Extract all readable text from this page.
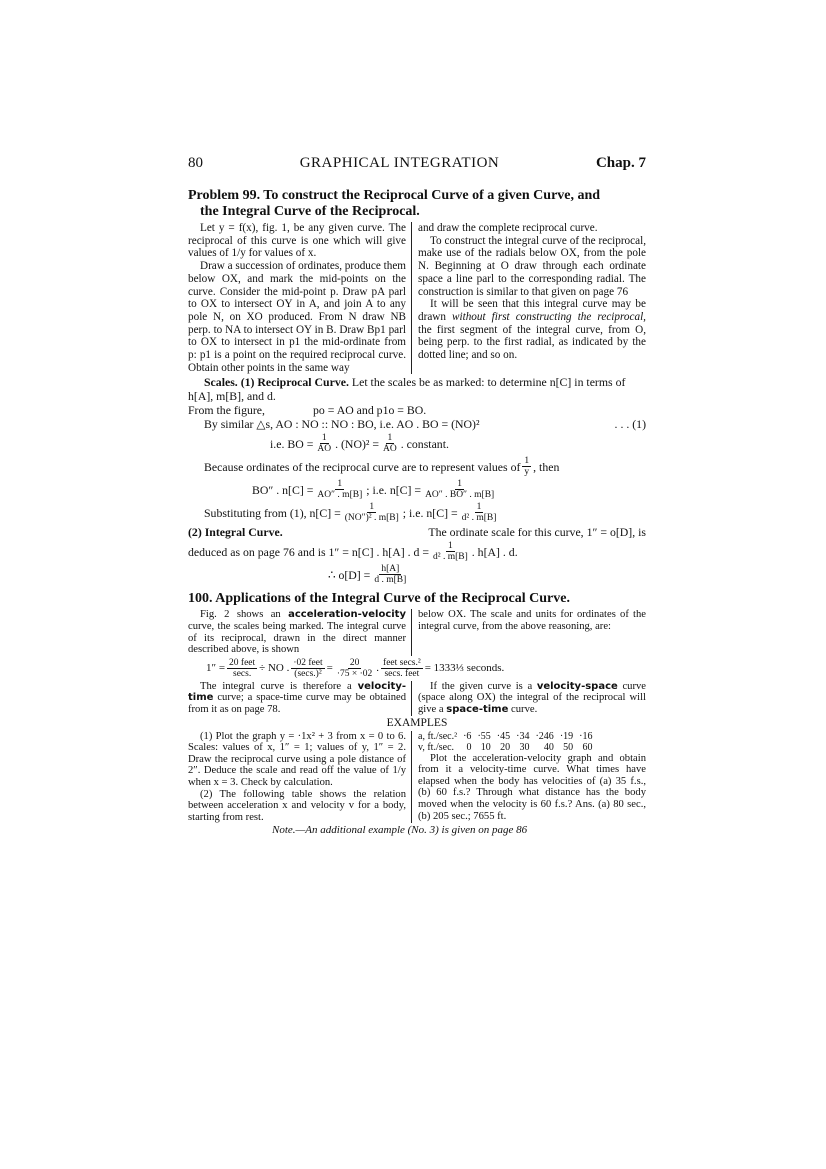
80	GRAPHICAL INTEGRATION	Chap. 7
Problem 99. To construct the Reciprocal Curve of a given Curve, and
the Integral Curve of the Reciprocal.

Let y = f(x), fig. 1, be any given curve. The reciprocal of this curve is one which will give values of 1/y for values of x.

Draw a succession of ordinates, produce them below OX, and mark the mid-points on the curve. Consider the mid-point p. Draw pA parl to OX to intersect OY in A, and join A to any pole N, on XO produced. From N draw NB perp. to NA to intersect OY in B. Draw Bp1 parl to OX to intersect in p1 the mid-ordinate from p: p1 is a point on the required reciprocal curve. Obtain other points in the same way

and draw the complete reciprocal curve.

To construct the integral curve of the reciprocal, make use of the radials below OX, from the pole N. Beginning at O draw through each ordinate space a line parl to the corresponding radial. The construction is similar to that given on page 76

It will be seen that this integral curve may be drawn without first constructing the reciprocal, the first segment of the integral curve, from O, being perp. to the first radial, as indicated by the dotted line; and so on.

Scales. (1) Reciprocal Curve. Let the scales be as marked: to determine n[C] in terms of h[A], m[B], and d.

From the figure,	po = AO and p1o = BO.

By similar △s, AO : NO :: NO : BO, i.e. AO . BO = (NO)²	. . . (1)

i.e. BO = $\frac{1}{AO}$ . $(NO)^2 = \frac{1}{AO}$ . constant.
Because ordinates of the reciprocal curve are to represent values of $\frac{1}{y}$ , then
BO″ . $n[C] = \frac{1}{AO'' . m[B]}$ ; i.e. $n[C] = \frac{1}{AO'' . BO'' . m[B]}$
Substituting from (1), $n[C] = \frac{1}{\text{(NO″)² . m[B]}}$ ; i.e. $n[C] = \frac{1}{\text{d² . m[B]}}$

(2) Integral Curve.	The ordinate scale for this curve, 1″ = o[D], is

deduced as on page 76 and is 1″ = n[C] . h[A] . $d = \frac{1}{\text{d² . m[B]}}$ . h[A] . d.
∴ $o[D] = \frac{h[A]}{d . m[B]}$
100. Applications of the Integral Curve of the Reciprocal Curve.

Fig. 2 shows an acceleration-velocity curve, the scales being marked. The integral curve of its reciprocal, drawn in the direct manner described above, is shown

below OX. The scale and units for ordinates of the integral curve, from the above reasoning, are:

$1'' = \frac{\text{20 feet}}{\sec s.}$ ÷ NO . $\frac{\text{·02 feet}}{\text{(secs.)²}} = \frac{20}{\cdot 75 \times \cdot 02}$ . $\frac{\text{feet secs.²}}{\text{secs. feet}}$ = 1333⅓ seconds.

The integral curve is therefore a velocity-time curve; a space-time curve may be obtained from it as on page 78.

If the given curve is a velocity-space curve (space along OX) the integral of the reciprocal will give a space-time curve.

EXAMPLES

(1) Plot the graph y = ·1x² + 3 from x = 0 to 6. Scales: values of x, 1″ = 1; values of y, 1″ = 2. Draw the reciprocal curve using a pole distance of 2″. Deduce the scale and read off the value of 1/y when x = 3. Check by calculation.

(2) The following table shows the relation between acceleration x and velocity v for a body, starting from rest.

a, ft./sec.²	·6	·55	·45	·34	·246	·19	·16
v, ft./sec.	0	10	20	30	40	50	60

Plot the acceleration-velocity graph and obtain from it a velocity-time curve. What times have elapsed when the body has velocities of (a) 35 f.s., (b) 60 f.s.? Through what distance has the body moved when the velocity is 60 f.s.? Ans. (a) 80 sec., (b) 205 sec.; 7655 ft.

Note.—An additional example (No. 3) is given on page 86
